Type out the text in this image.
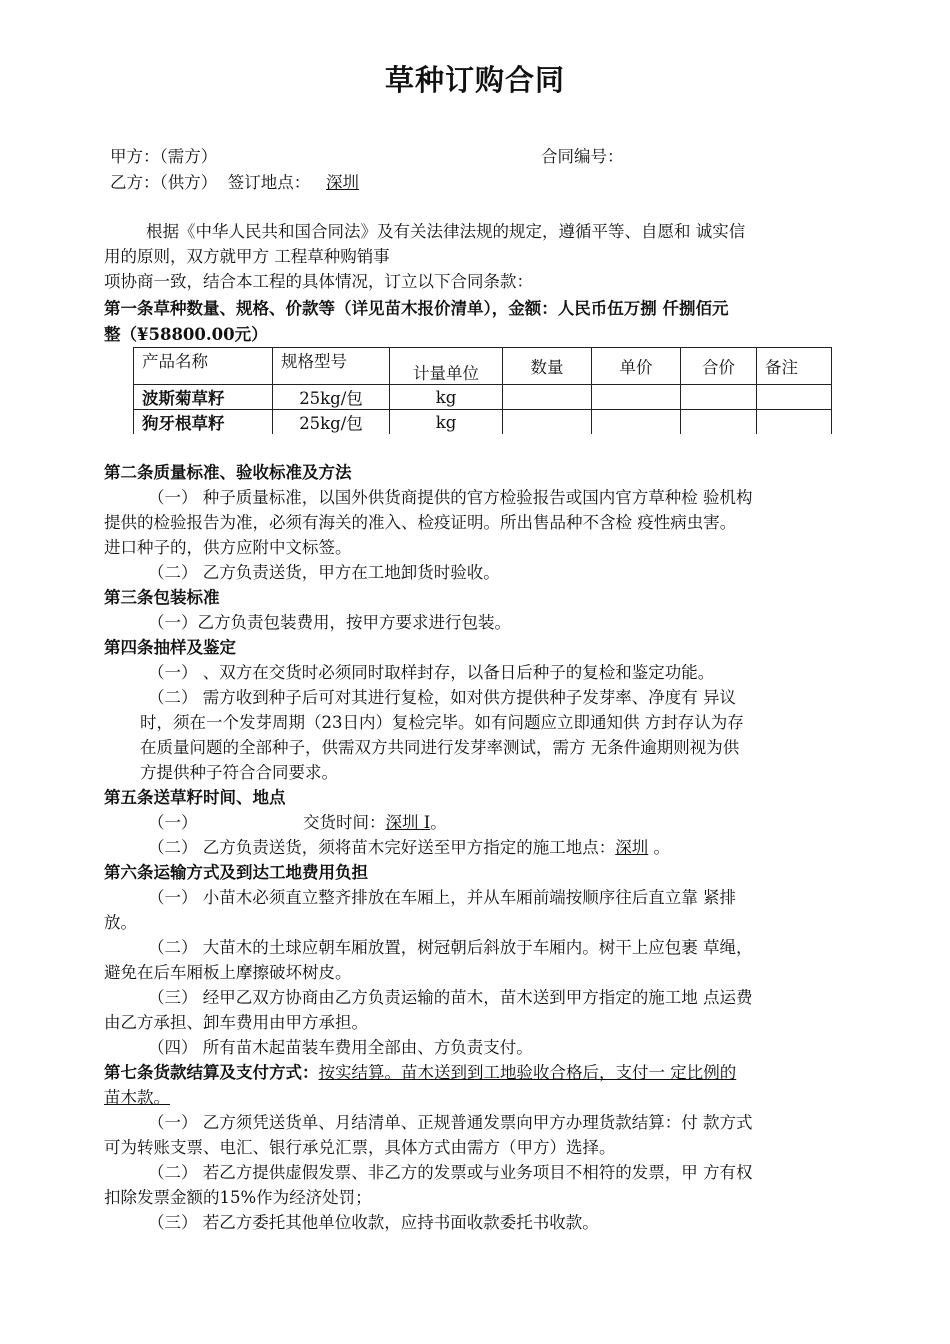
草种订购合同
甲方：（需方）	合同编号：
乙方：（供方） 签订地点： 深圳
根据《中华人民共和国合同法》及有关法律法规的规定，遵循平等、自愿和 诚实信
用的原则，双方就甲方 工程草种购销事
项协商一致，结合本工程的具体情况，订立以下合同条款：
第一条草种数量、规格、价款等（详见苗木报价清单），金额：人民币伍万捌 仟捌佰元
整（¥58800.00元）
产品名称	规格型号	计量单位	数量	单价	合价	备注
波斯菊草籽	25kg/包	kg				
狗牙根草籽	25kg/包	kg				
第二条质量标准、验收标准及方法
（一） 种子质量标准，以国外供货商提供的官方检验报告或国内官方草种检 验机构
提供的检验报告为准，必须有海关的准入、检疫证明。所出售品种不含检 疫性病虫害。
进口种子的，供方应附中文标签。
（二） 乙方负责送货，甲方在工地卸货时验收。
第三条包装标准
（一）乙方负责包装费用，按甲方要求进行包装。
第四条抽样及鉴定
（一） 、双方在交货时必须同时取样封存，以备日后种子的复检和鉴定功能。
（二） 需方收到种子后可对其进行复检，如对供方提供种子发芽率、净度有 异议
时，须在一个发芽周期（23日内）复检完毕。如有问题应立即通知供 方封存认为存
在质量问题的全部种子，供需双方共同进行发芽率测试，需方 无条件逾期则视为供
方提供种子符合合同要求。
第五条送草籽时间、地点
（一）	交货时间：深圳 I。
（二） 乙方负责送货，须将苗木完好送至甲方指定的施工地点：深圳 。
第六条运输方式及到达工地费用负担
（一） 小苗木必须直立整齐排放在车厢上，并从车厢前端按顺序往后直立靠 紧排
放。
（二） 大苗木的土球应朝车厢放置，树冠朝后斜放于车厢内。树干上应包裹 草绳，
避免在后车厢板上摩擦破坏树皮。
（三） 经甲乙双方协商由乙方负责运输的苗木，苗木送到甲方指定的施工地 点运费
由乙方承担、卸车费用由甲方承担。
（四） 所有苗木起苗装车费用全部由、方负责支付。
第七条货款结算及支付方式：按实结算。苗木送到到工地验收合格后，支付一 定比例的
苗木款。
（一） 乙方须凭送货单、月结清单、正规普通发票向甲方办理货款结算：付 款方式
可为转账支票、电汇、银行承兑汇票，具体方式由需方（甲方）选择。
（二） 若乙方提供虚假发票、非乙方的发票或与业务项目不相符的发票，甲 方有权
扣除发票金额的15%作为经济处罚；
（三） 若乙方委托其他单位收款，应持书面收款委托书收款。
